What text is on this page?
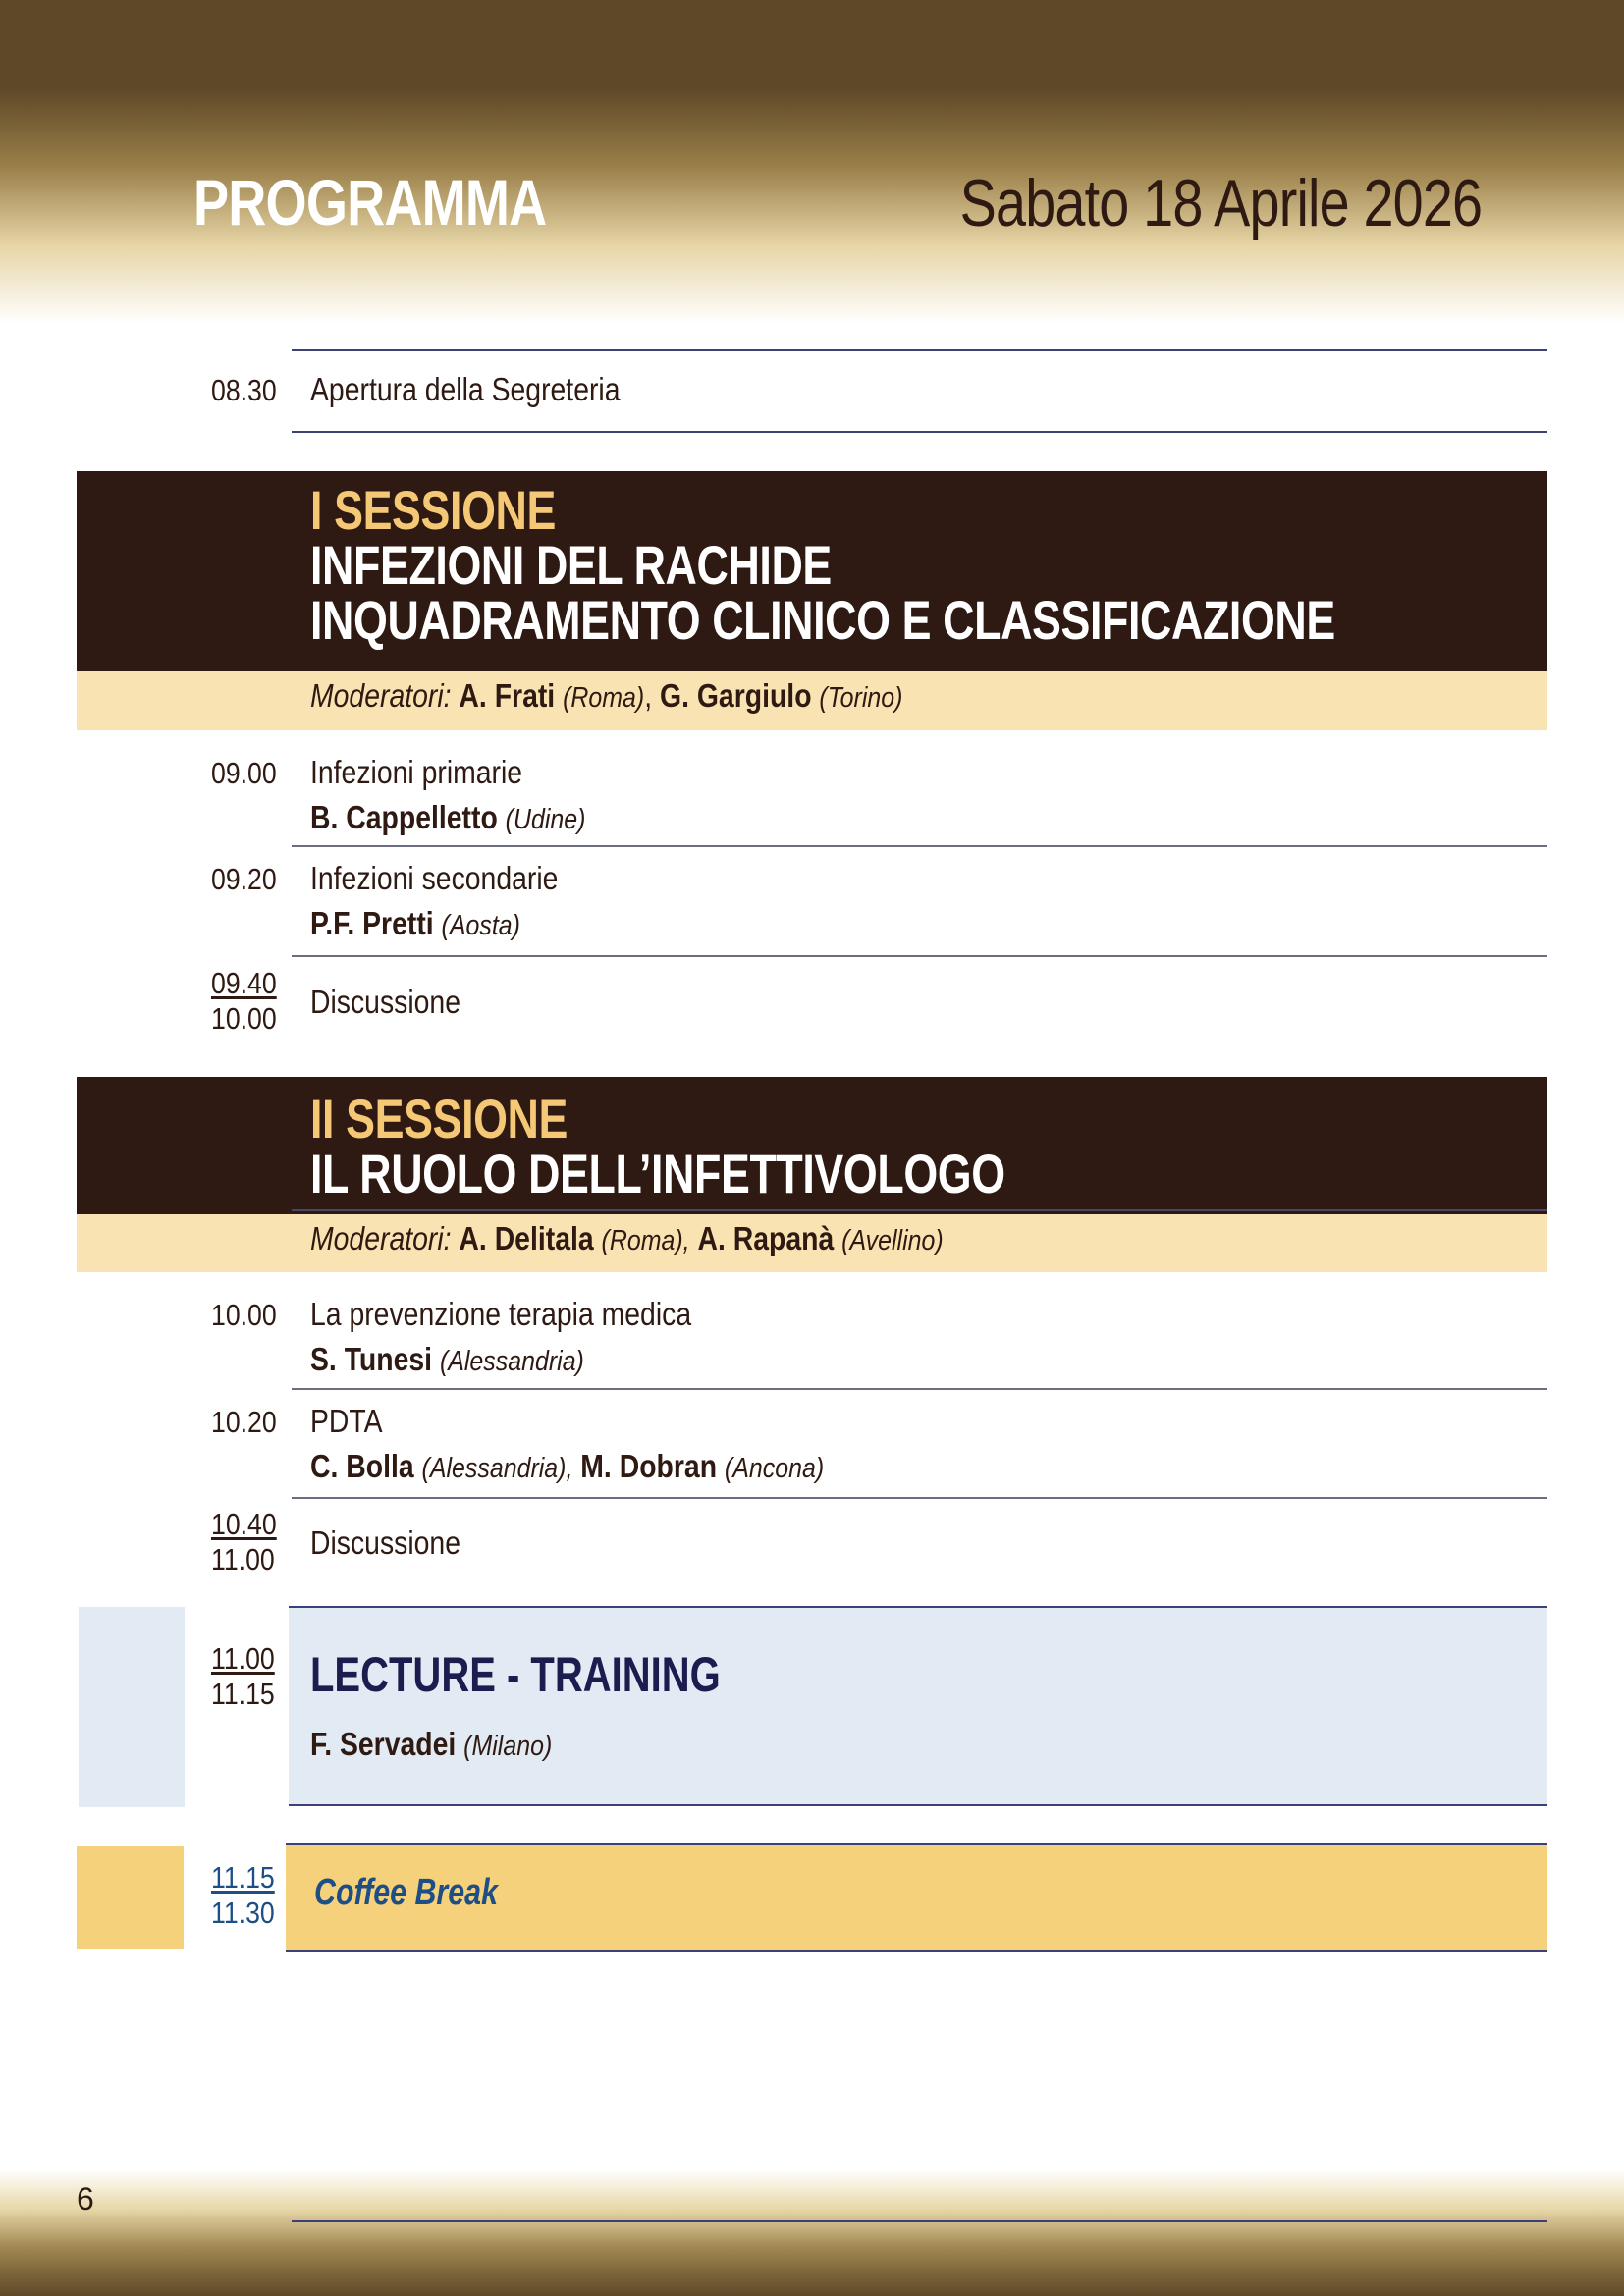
PROGRAMMA	Sabato 18 Aprile 2026
08.30 Apertura della Segreteria
I SESSIONE
INFEZIONI DEL RACHIDE
INQUADRAMENTO CLINICO E CLASSIFICAZIONE
Moderatori: A. Frati (Roma), G. Gargiulo (Torino)
09.00 Infezioni primarie
B. Cappelletto (Udine)
09.20 Infezioni secondarie
P.F. Pretti (Aosta)
09.40
10.00 Discussione
II SESSIONE
IL RUOLO DELL’INFETTIVOLOGO
Moderatori: A. Delitala (Roma), A. Rapanà (Avellino)
10.00 La prevenzione terapia medica
S. Tunesi (Alessandria)
10.20 PDTA
C. Bolla (Alessandria), M. Dobran (Ancona)
10.40
11.00 Discussione
11.00
11.15 LECTURE - TRAINING
F. Servadei (Milano)
11.15
11.30 Coffee Break
6
